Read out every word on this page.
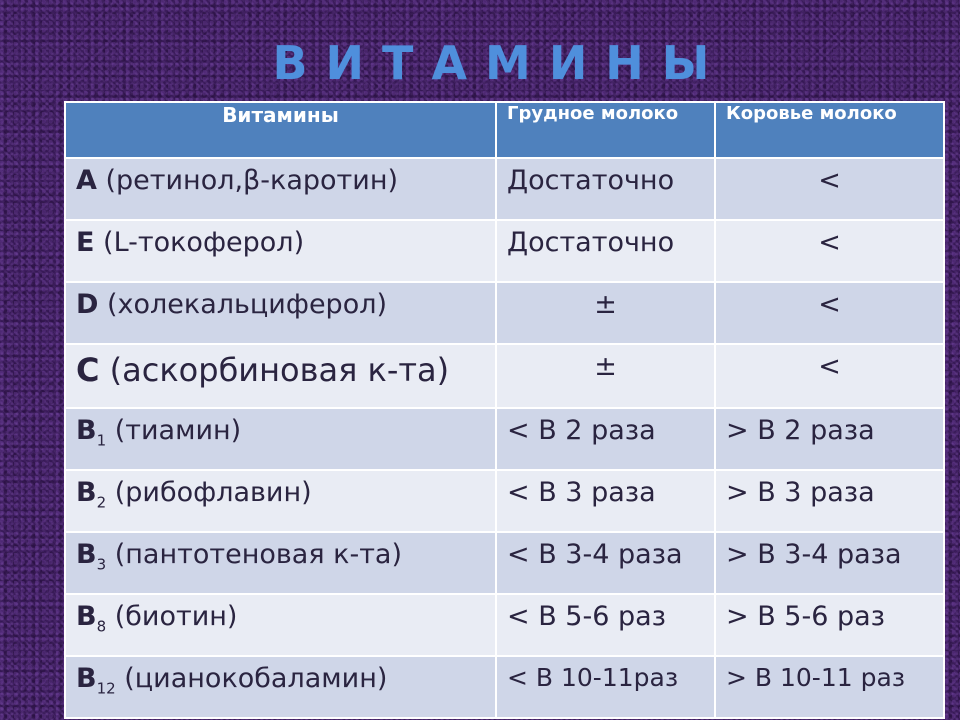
ВИТАМИНЫ
Витамины	Грудное молоко	Коровье молоко
A (ретинол,β-каротин)	Достаточно	<
E (L-токоферол)	Достаточно	<
D (холекальциферол)	±	<
C (аскорбиновая к-та)	±	<
$B_1$ (тиамин)	< В 2 раза	> В 2 раза
$B_2$ (рибофлавин)	< В 3 раза	> В 3 раза
$B_3$ (пантотеновая к-та)	< В 3-4 раза	> В 3-4 раза
$B_8$ (биотин)	< В 5-6 раз	> В 5-6 раз
$B_{12}$ (цианокобаламин)	< В 10-11раз	> В 10-11 раз
